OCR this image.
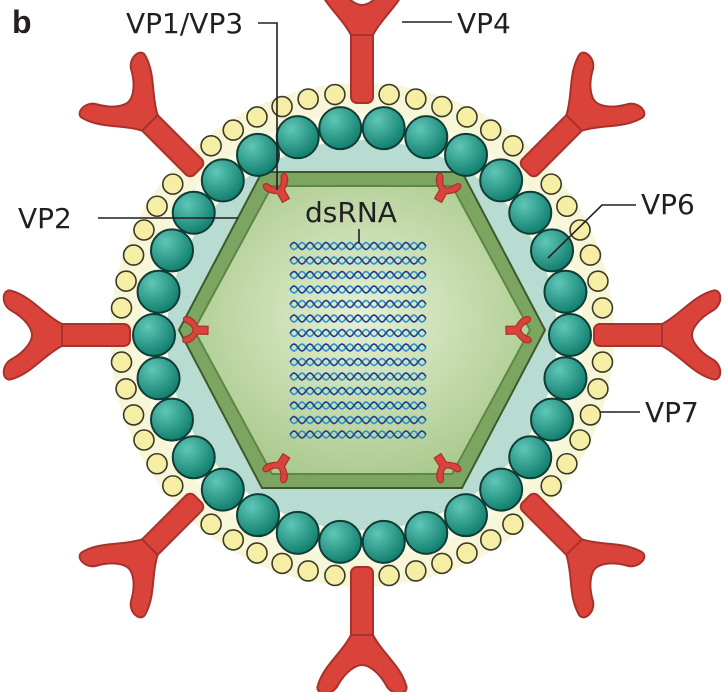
b	VP1/VP3	VP4
VP2	VP6
VP7
dsRNA
